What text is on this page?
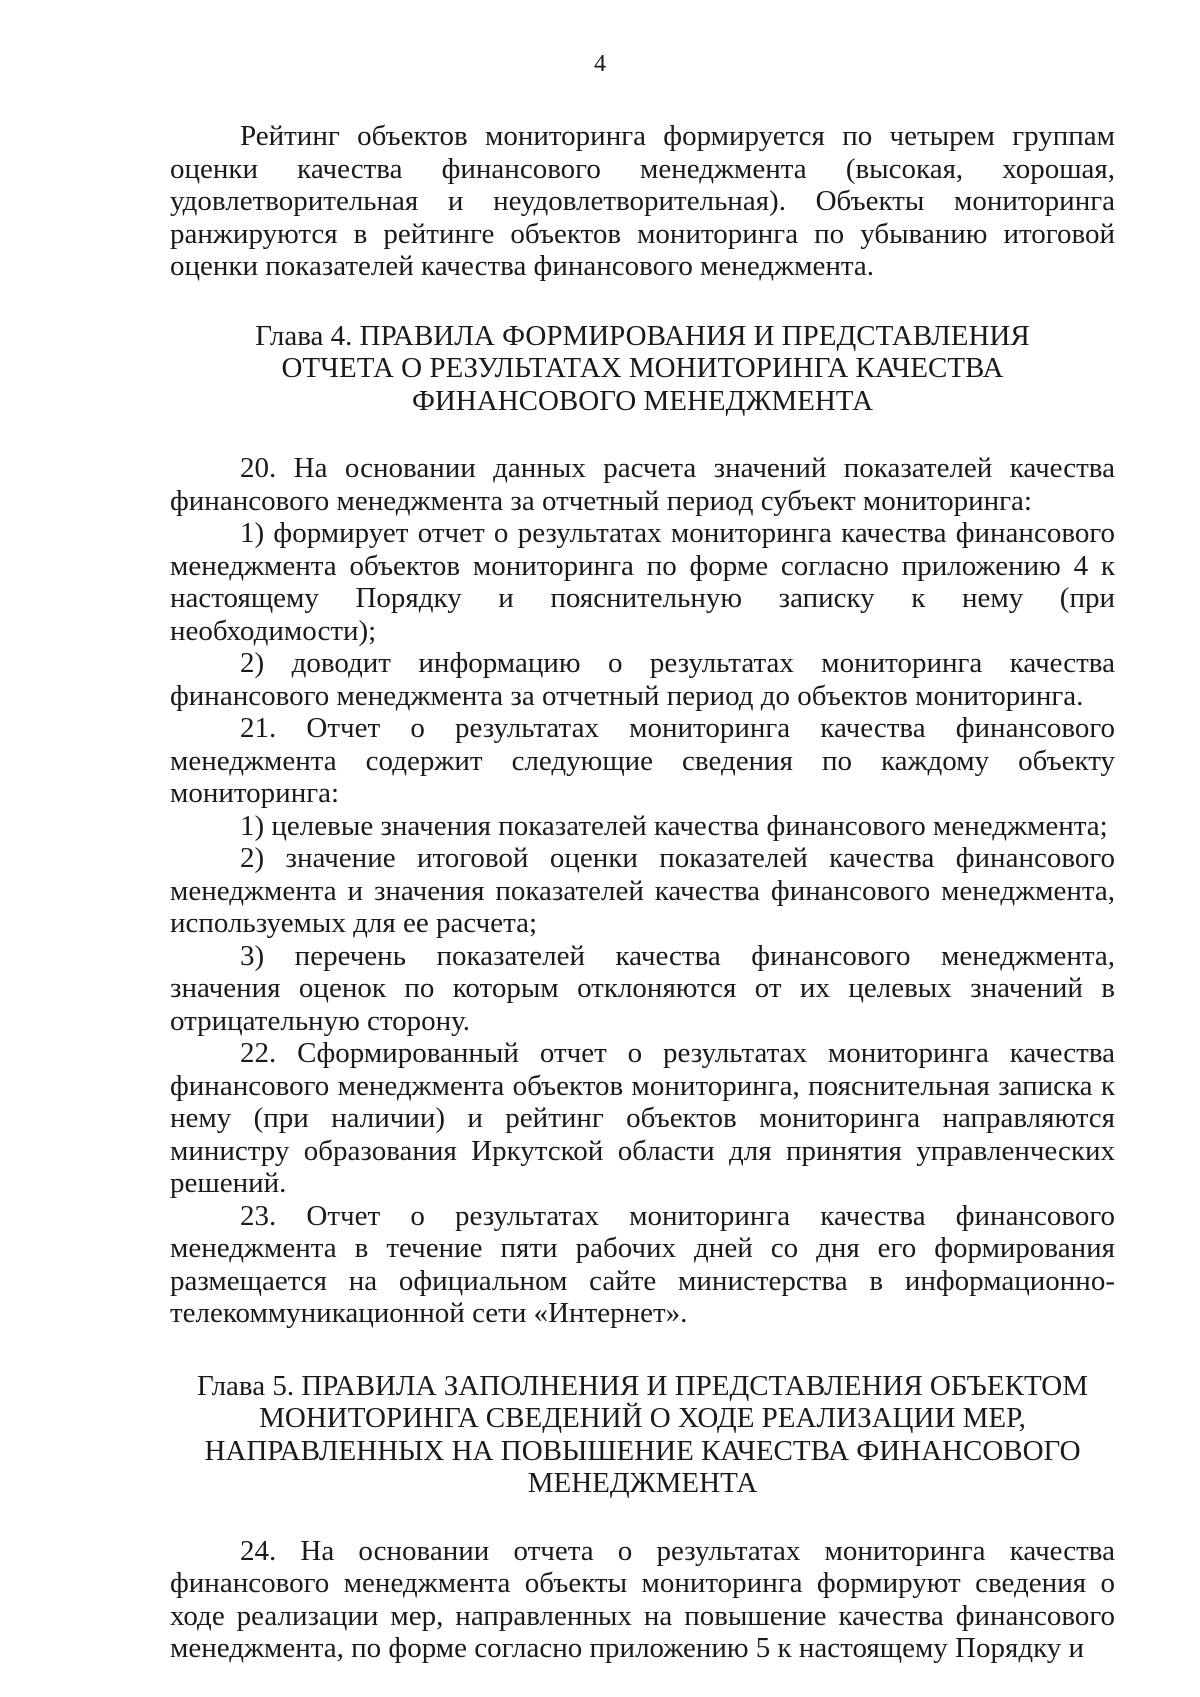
4

Рейтинг объектов мониторинга формируется по четырем группам оценки качества финансового менеджмента (высокая, хорошая, удовлетворительная и неудовлетворительная). Объекты мониторинга ранжируются в рейтинге объектов мониторинга по убыванию итоговой оценки показателей качества финансового менеджмента.

Глава 4. ПРАВИЛА ФОРМИРОВАНИЯ И ПРЕДСТАВЛЕНИЯ
ОТЧЕТА О РЕЗУЛЬТАТАХ МОНИТОРИНГА КАЧЕСТВА
ФИНАНСОВОГО МЕНЕДЖМЕНТА

20. На основании данных расчета значений показателей качества финансового менеджмента за отчетный период субъект мониторинга:

1) формирует отчет о результатах мониторинга качества финансового менеджмента объектов мониторинга по форме согласно приложению 4 к настоящему Порядку и пояснительную записку к нему (при необходимости);

2) доводит информацию о результатах мониторинга качества финансового менеджмента за отчетный период до объектов мониторинга.

21. Отчет о результатах мониторинга качества финансового менеджмента содержит следующие сведения по каждому объекту мониторинга:

1) целевые значения показателей качества финансового менеджмента;

2) значение итоговой оценки показателей качества финансового менеджмента и значения показателей качества финансового менеджмента, используемых для ее расчета;

3) перечень показателей качества финансового менеджмента, значения оценок по которым отклоняются от их целевых значений в отрицательную сторону.

22. Сформированный отчет о результатах мониторинга качества финансового менеджмента объектов мониторинга, пояснительная записка к нему (при наличии) и рейтинг объектов мониторинга направляются министру образования Иркутской области для принятия управленческих решений.

23. Отчет о результатах мониторинга качества финансового менеджмента в течение пяти рабочих дней со дня его формирования размещается на официальном сайте министерства в информационно-телекоммуникационной сети «Интернет».

Глава 5. ПРАВИЛА ЗАПОЛНЕНИЯ И ПРЕДСТАВЛЕНИЯ ОБЪЕКТОМ
МОНИТОРИНГА СВЕДЕНИЙ О ХОДЕ РЕАЛИЗАЦИИ МЕР,
НАПРАВЛЕННЫХ НА ПОВЫШЕНИЕ КАЧЕСТВА ФИНАНСОВОГО
МЕНЕДЖМЕНТА

24. На основании отчета о результатах мониторинга качества финансового менеджмента объекты мониторинга формируют сведения о ходе реализации мер, направленных на повышение качества финансового менеджмента, по форме согласно приложению 5 к настоящему Порядку и
